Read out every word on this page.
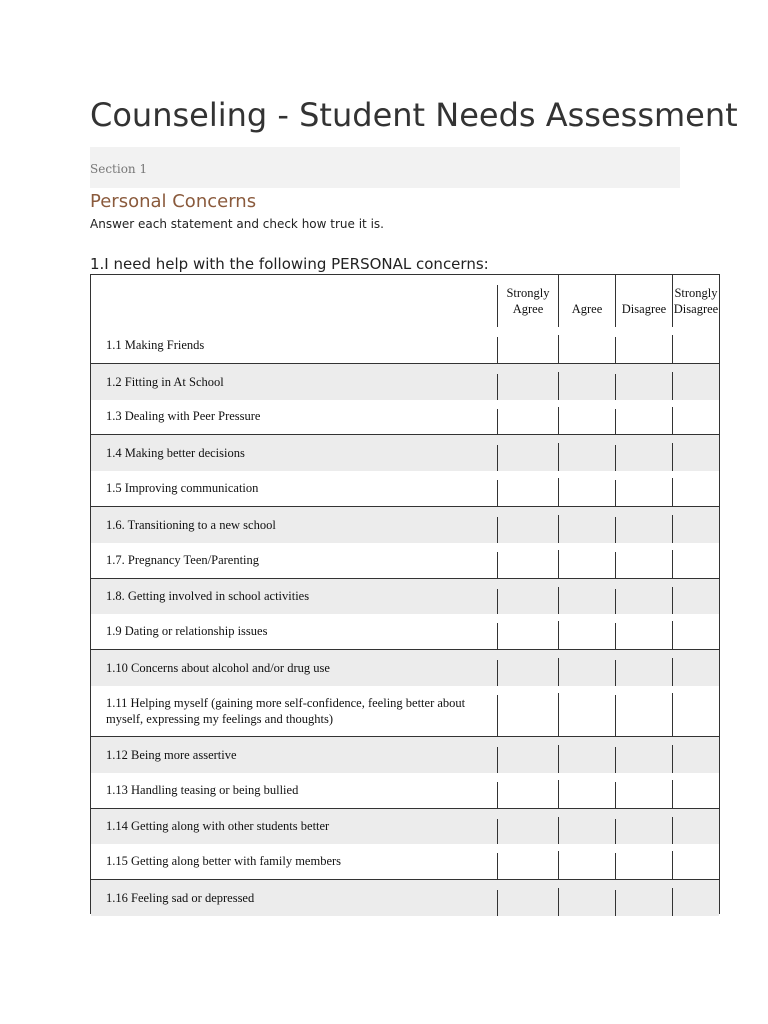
Counseling - Student Needs Assessment
Section 1
Personal Concerns
Answer each statement and check how true it is.
1.I need help with the following PERSONAL concerns:
Strongly
Agree
	Agree
	Disagree
Strongly
Disagree
1.1 Making Friends
1.2 Fitting in At School
1.3 Dealing with Peer Pressure
1.4 Making better decisions
1.5 Improving communication
1.6. Transitioning to a new school
1.7. Pregnancy Teen/Parenting
1.8. Getting involved in school activities
1.9 Dating or relationship issues
1.10 Concerns about alcohol and/or drug use
1.11 Helping myself (gaining more self-confidence, feeling better about myself, expressing my feelings and thoughts)
1.12 Being more assertive
1.13 Handling teasing or being bullied
1.14 Getting along with other students better
1.15 Getting along better with family members
1.16 Feeling sad or depressed
